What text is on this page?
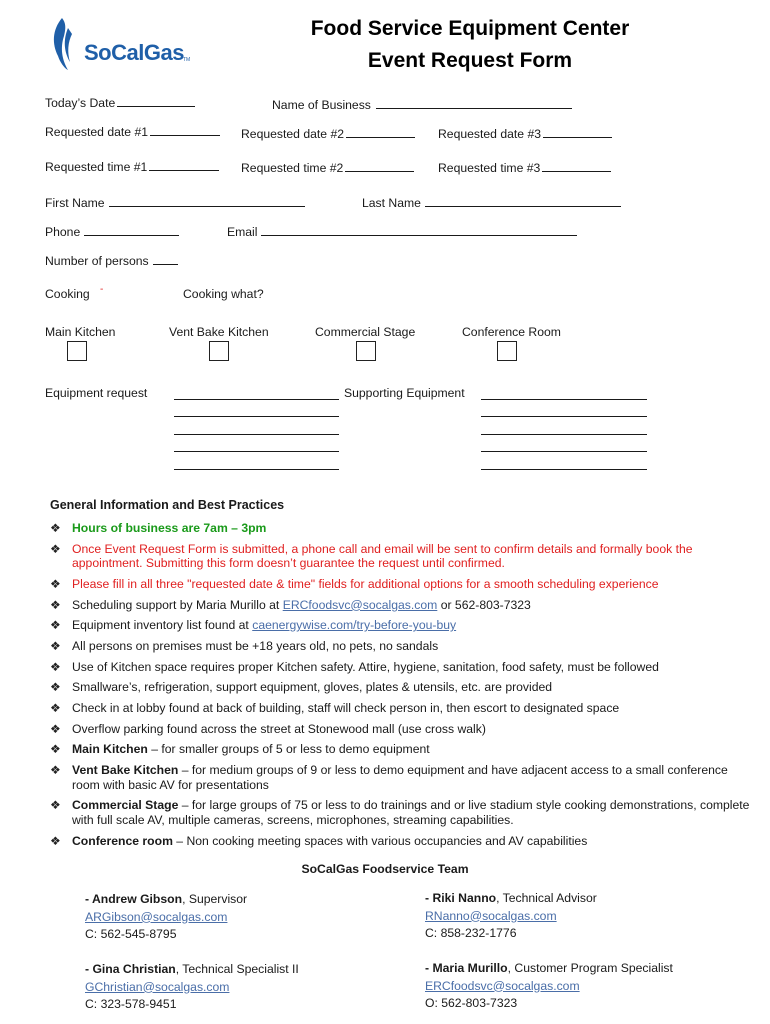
SoCalGas TM
Food Service Equipment Center
Event Request Form
Today’s Date	Name of Business
Requested date #1	Requested date #2	Requested date #3
Requested time #1	Requested time #2	Requested time #3
First Name	Last Name
Phone	Email
Number of persons
Cooking -	Cooking what?
Main Kitchen	Vent Bake Kitchen	Commercial Stage	Conference Room
Equipment request	Supporting Equipment
General Information and Best Practices
❖ Hours of business are 7am – 3pm
❖ Once Event Request Form is submitted, a phone call and email will be sent to confirm details and formally book the appointment. Submitting this form doesn’t guarantee the request until confirmed.
❖ Please fill in all three "requested date & time" fields for additional options for a smooth scheduling experience
❖ Scheduling support by Maria Murillo at ERCfoodsvc@socalgas.com or 562-803-7323
❖ Equipment inventory list found at caenergywise.com/try-before-you-buy
❖ All persons on premises must be +18 years old, no pets, no sandals
❖ Use of Kitchen space requires proper Kitchen safety. Attire, hygiene, sanitation, food safety, must be followed
❖ Smallware’s, refrigeration, support equipment, gloves, plates & utensils, etc. are provided
❖ Check in at lobby found at back of building, staff will check person in, then escort to designated space
❖ Overflow parking found across the street at Stonewood mall (use cross walk)
❖ Main Kitchen – for smaller groups of 5 or less to demo equipment
❖ Vent Bake Kitchen – for medium groups of 9 or less to demo equipment and have adjacent access to a small conference room with basic AV for presentations
❖ Commercial Stage – for large groups of 75 or less to do trainings and or live stadium style cooking demonstrations, complete with full scale AV, multiple cameras, screens, microphones, streaming capabilities.
❖ Conference room – Non cooking meeting spaces with various occupancies and AV capabilities
SoCalGas Foodservice Team
- Andrew Gibson, Supervisor
ARGibson@socalgas.com
C: 562-545-8795
- Riki Nanno, Technical Advisor
RNanno@socalgas.com
C: 858-232-1776
- Gina Christian, Technical Specialist II
GChristian@socalgas.com
C: 323-578-9451
- Maria Murillo, Customer Program Specialist
ERCfoodsvc@socalgas.com
O: 562-803-7323
